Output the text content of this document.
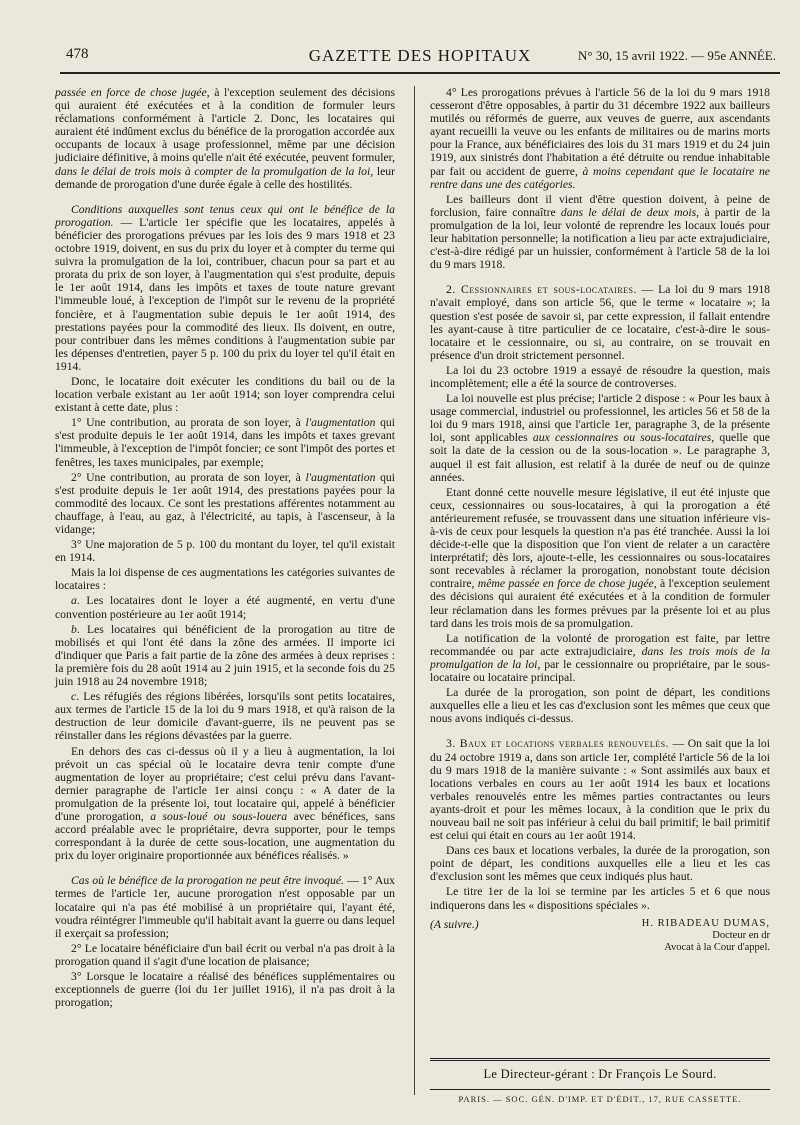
478	GAZETTE DES HOPITAUX	N° 30, 15 avril 1922. — 95e ANNÉE.

passée en force de chose jugée, à l'exception seulement des décisions qui auraient été exécutées et à la condition de formuler leurs réclamations conformément à l'article 2. Donc, les locataires qui auraient été indûment exclus du bénéfice de la prorogation accordée aux occupants de locaux à usage professionnel, même par une décision judiciaire définitive, à moins qu'elle n'ait été exécutée, peuvent formuler, dans le délai de trois mois à compter de la promulgation de la loi, leur demande de prorogation d'une durée égale à celle des hostilités.

Conditions auxquelles sont tenus ceux qui ont le bénéfice de la prorogation. — L'article 1er spécifie que les locataires, appelés à bénéficier des prorogations prévues par les lois des 9 mars 1918 et 23 octobre 1919, doivent, en sus du prix du loyer et à compter du terme qui suivra la promulgation de la loi, contribuer, chacun pour sa part et au prorata du prix de son loyer, à l'augmentation qui s'est produite, depuis le 1er août 1914, dans les impôts et taxes de toute nature grevant l'immeuble loué, à l'exception de l'impôt sur le revenu de la propriété foncière, et à l'augmentation subie depuis le 1er août 1914, des prestations payées pour la commodité des lieux. Ils doivent, en outre, pour contribuer dans les mêmes conditions à l'augmentation subie par les dépenses d'entretien, payer 5 p. 100 du prix du loyer tel qu'il était en 1914.

Donc, le locataire doit exécuter les conditions du bail ou de la location verbale existant au 1er août 1914; son loyer comprendra celui existant à cette date, plus :

1° Une contribution, au prorata de son loyer, à l'augmentation qui s'est produite depuis le 1er août 1914, dans les impôts et taxes grevant l'immeuble, à l'exception de l'impôt foncier; ce sont l'impôt des portes et fenêtres, les taxes municipales, par exemple;

2° Une contribution, au prorata de son loyer, à l'augmentation qui s'est produite depuis le 1er août 1914, des prestations payées pour la commodité des locaux. Ce sont les prestations afférentes notamment au chauffage, à l'eau, au gaz, à l'électricité, au tapis, à l'ascenseur, à la vidange;

3° Une majoration de 5 p. 100 du montant du loyer, tel qu'il existait en 1914.

Mais la loi dispense de ces augmentations les catégories suivantes de locataires :

a. Les locataires dont le loyer a été augmenté, en vertu d'une convention postérieure au 1er août 1914;

b. Les locataires qui bénéficient de la prorogation au titre de mobilisés et qui l'ont été dans la zône des armées. Il importe ici d'indiquer que Paris a fait partie de la zône des armées à deux reprises : la première fois du 28 août 1914 au 2 juin 1915, et la seconde fois du 25 juin 1918 au 24 novembre 1918;

c. Les réfugiés des régions libérées, lorsqu'ils sont petits locataires, aux termes de l'article 15 de la loi du 9 mars 1918, et qu'à raison de la destruction de leur domicile d'avant-guerre, ils ne peuvent pas se réinstaller dans les régions dévastées par la guerre.

En dehors des cas ci-dessus où il y a lieu à augmentation, la loi prévoit un cas spécial où le locataire devra tenir compte d'une augmentation de loyer au propriétaire; c'est celui prévu dans l'avant-dernier paragraphe de l'article 1er ainsi conçu : « A dater de la promulgation de la présente loi, tout locataire qui, appelé à bénéficier d'une prorogation, a sous-loué ou sous-louera avec bénéfices, sans accord préalable avec le propriétaire, devra supporter, pour le temps correspondant à la durée de cette sous-location, une augmentation du prix du loyer originaire proportionnée aux bénéfices réalisés. »

Cas où le bénéfice de la prorogation ne peut être invoqué. — 1° Aux termes de l'article 1er, aucune prorogation n'est opposable par un locataire qui n'a pas été mobilisé à un propriétaire qui, l'ayant été, voudra réintégrer l'immeuble qu'il habitait avant la guerre ou dans lequel il exerçait sa profession;

2° Le locataire bénéficiaire d'un bail écrit ou verbal n'a pas droit à la prorogation quand il s'agit d'une location de plaisance;

3° Lorsque le locataire a réalisé des bénéfices supplémentaires ou exceptionnels de guerre (loi du 1er juillet 1916), il n'a pas droit à la prorogation;

4° Les prorogations prévues à l'article 56 de la loi du 9 mars 1918 cesseront d'être opposables, à partir du 31 décembre 1922 aux bailleurs mutilés ou réformés de guerre, aux veuves de guerre, aux ascendants ayant recueilli la veuve ou les enfants de militaires ou de marins morts pour la France, aux bénéficiaires des lois du 31 mars 1919 et du 24 juin 1919, aux sinistrés dont l'habitation a été détruite ou rendue inhabitable par fait ou accident de guerre, à moins cependant que le locataire ne rentre dans une des catégories.

Les bailleurs dont il vient d'être question doivent, à peine de forclusion, faire connaître dans le délai de deux mois, à partir de la promulgation de la loi, leur volonté de reprendre les locaux loués pour leur habitation personnelle; la notification a lieu par acte extrajudiciaire, c'est-à-dire rédigé par un huissier, conformément à l'article 58 de la loi du 9 mars 1918.

2. Cessionnaires et sous-locataires. — La loi du 9 mars 1918 n'avait employé, dans son article 56, que le terme « locataire »; la question s'est posée de savoir si, par cette expression, il fallait entendre les ayant-cause à titre particulier de ce locataire, c'est-à-dire le sous-locataire et le cessionnaire, ou si, au contraire, on se trouvait en présence d'un droit strictement personnel.

La loi du 23 octobre 1919 a essayé de résoudre la question, mais incomplètement; elle a été la source de controverses.

La loi nouvelle est plus précise; l'article 2 dispose : « Pour les baux à usage commercial, industriel ou professionnel, les articles 56 et 58 de la loi du 9 mars 1918, ainsi que l'article 1er, paragraphe 3, de la présente loi, sont applicables aux cessionnaires ou sous-locataires, quelle que soit la date de la cession ou de la sous-location ». Le paragraphe 3, auquel il est fait allusion, est relatif à la durée de neuf ou de quinze années.

Etant donné cette nouvelle mesure législative, il eut été injuste que ceux, cessionnaires ou sous-locataires, à qui la prorogation a été antérieurement refusée, se trouvassent dans une situation inférieure vis-à-vis de ceux pour lesquels la question n'a pas été tranchée. Aussi la loi décide-t-elle que la disposition que l'on vient de relater a un caractère interprétatif; dès lors, ajoute-t-elle, les cessionnaires ou sous-locataires sont recevables à réclamer la prorogation, nonobstant toute décision contraire, même passée en force de chose jugée, à l'exception seulement des décisions qui auraient été exécutées et à la condition de formuler leur réclamation dans les formes prévues par la présente loi et au plus tard dans les trois mois de sa promulgation.

La notification de la volonté de prorogation est faite, par lettre recommandée ou par acte extrajudiciaire, dans les trois mois de la promulgation de la loi, par le cessionnaire ou propriétaire, par le sous-locataire ou locataire principal.

La durée de la prorogation, son point de départ, les conditions auxquelles elle a lieu et les cas d'exclusion sont les mêmes que ceux que nous avons indiqués ci-dessus.

3. Baux et locations verbales renouvelés. — On sait que la loi du 24 octobre 1919 a, dans son article 1er, complété l'article 56 de la loi du 9 mars 1918 de la manière suivante : « Sont assimilés aux baux et locations verbales en cours au 1er août 1914 les baux et locations verbales renouvelés entre les mêmes parties contractantes ou leurs ayants-droit et pour les mêmes locaux, à la condition que le prix du nouveau bail ne soit pas inférieur à celui du bail primitif; le bail primitif est celui qui était en cours au 1er août 1914.

Dans ces baux et locations verbales, la durée de la prorogation, son point de départ, les conditions auxquelles elle a lieu et les cas d'exclusion sont les mêmes que ceux indiqués plus haut.

Le titre 1er de la loi se termine par les articles 5 et 6 que nous indiquerons dans les « dispositions spéciales ».

(A suivre.)	H. RIBADEAU DUMAS,
Docteur en dr
Avocat à la Cour d'appel.
Le Directeur-gérant : Dr François Le Sourd.
PARIS. — SOC. GÉN. D'IMP. ET D'ÉDIT., 17, RUE CASSETTE.
